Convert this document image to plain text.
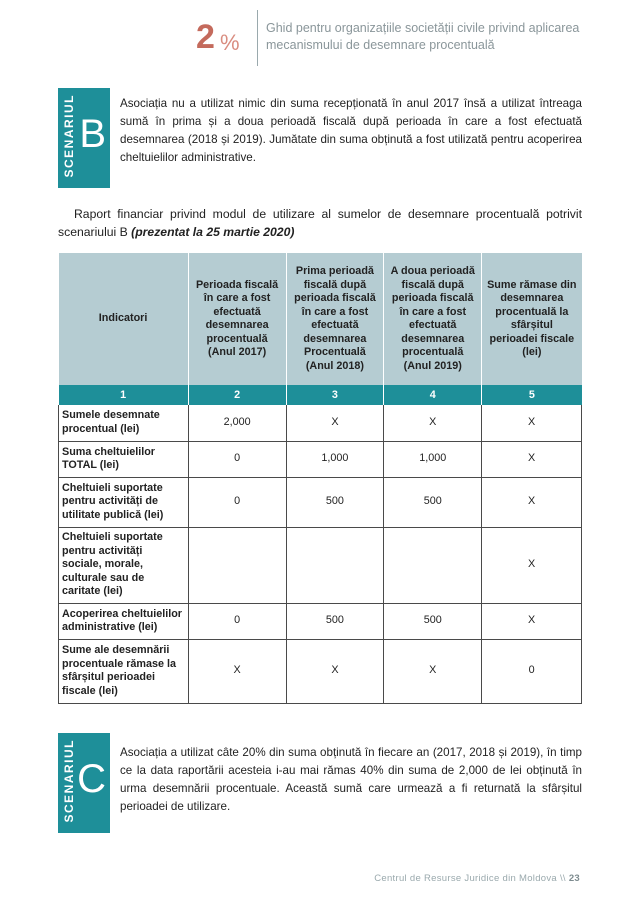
2 %
Ghid pentru organizațiile societății civile privind aplicarea
mecanismului de desemnare procentuală
SCENARIUL B

Asociația nu a utilizat nimic din suma recepționată în anul 2017 însă a utilizat întreaga sumă în prima și a doua perioadă fiscală după perioada în care a fost efectuată desemnarea (2018 și 2019). Jumătate din suma obținută a fost utilizată pentru acoperirea cheltuielilor administrative.

Raport financiar privind modul de utilizare al sumelor de desemnare procentuală potrivit scenariului B (prezentat la 25 martie 2020)

Indicatori	Perioada fiscală în care a fost efectuată desemnarea procentuală (Anul 2017)	Prima perioadă fiscală după perioada fiscală în care a fost efectuată desemnarea Procentuală (Anul 2018)	A doua perioadă fiscală după perioada fiscală în care a fost efectuată desemnarea procentuală (Anul 2019)	Sume rămase din desemnarea procentuală la sfârșitul perioadei fiscale (lei)
1	2	3	4	5
Sumele desemnate procentual (lei)	2,000	X	X	X
Suma cheltuielilor TOTAL (lei)	0	1,000	1,000	X
Cheltuieli suportate pentru activități de utilitate publică (lei)	0	500	500	X
Cheltuieli suportate pentru activități sociale, morale, culturale sau de caritate (lei)				X
Acoperirea cheltuielilor administrative (lei)	0	500	500	X
Sume ale desemnării procentuale rămase la sfârșitul perioadei fiscale (lei)	X	X	X	0
SCENARIUL C

Asociația a utilizat câte 20% din suma obținută în fiecare an (2017, 2018 și 2019), în timp ce la data raportării acesteia i-au mai rămas 40% din suma de 2,000 de lei obținută în urma desemnării procentuale. Această sumă care urmează a fi returnată la sfârșitul perioadei de utilizare.

Centrul de Resurse Juridice din Moldova \\ 23
